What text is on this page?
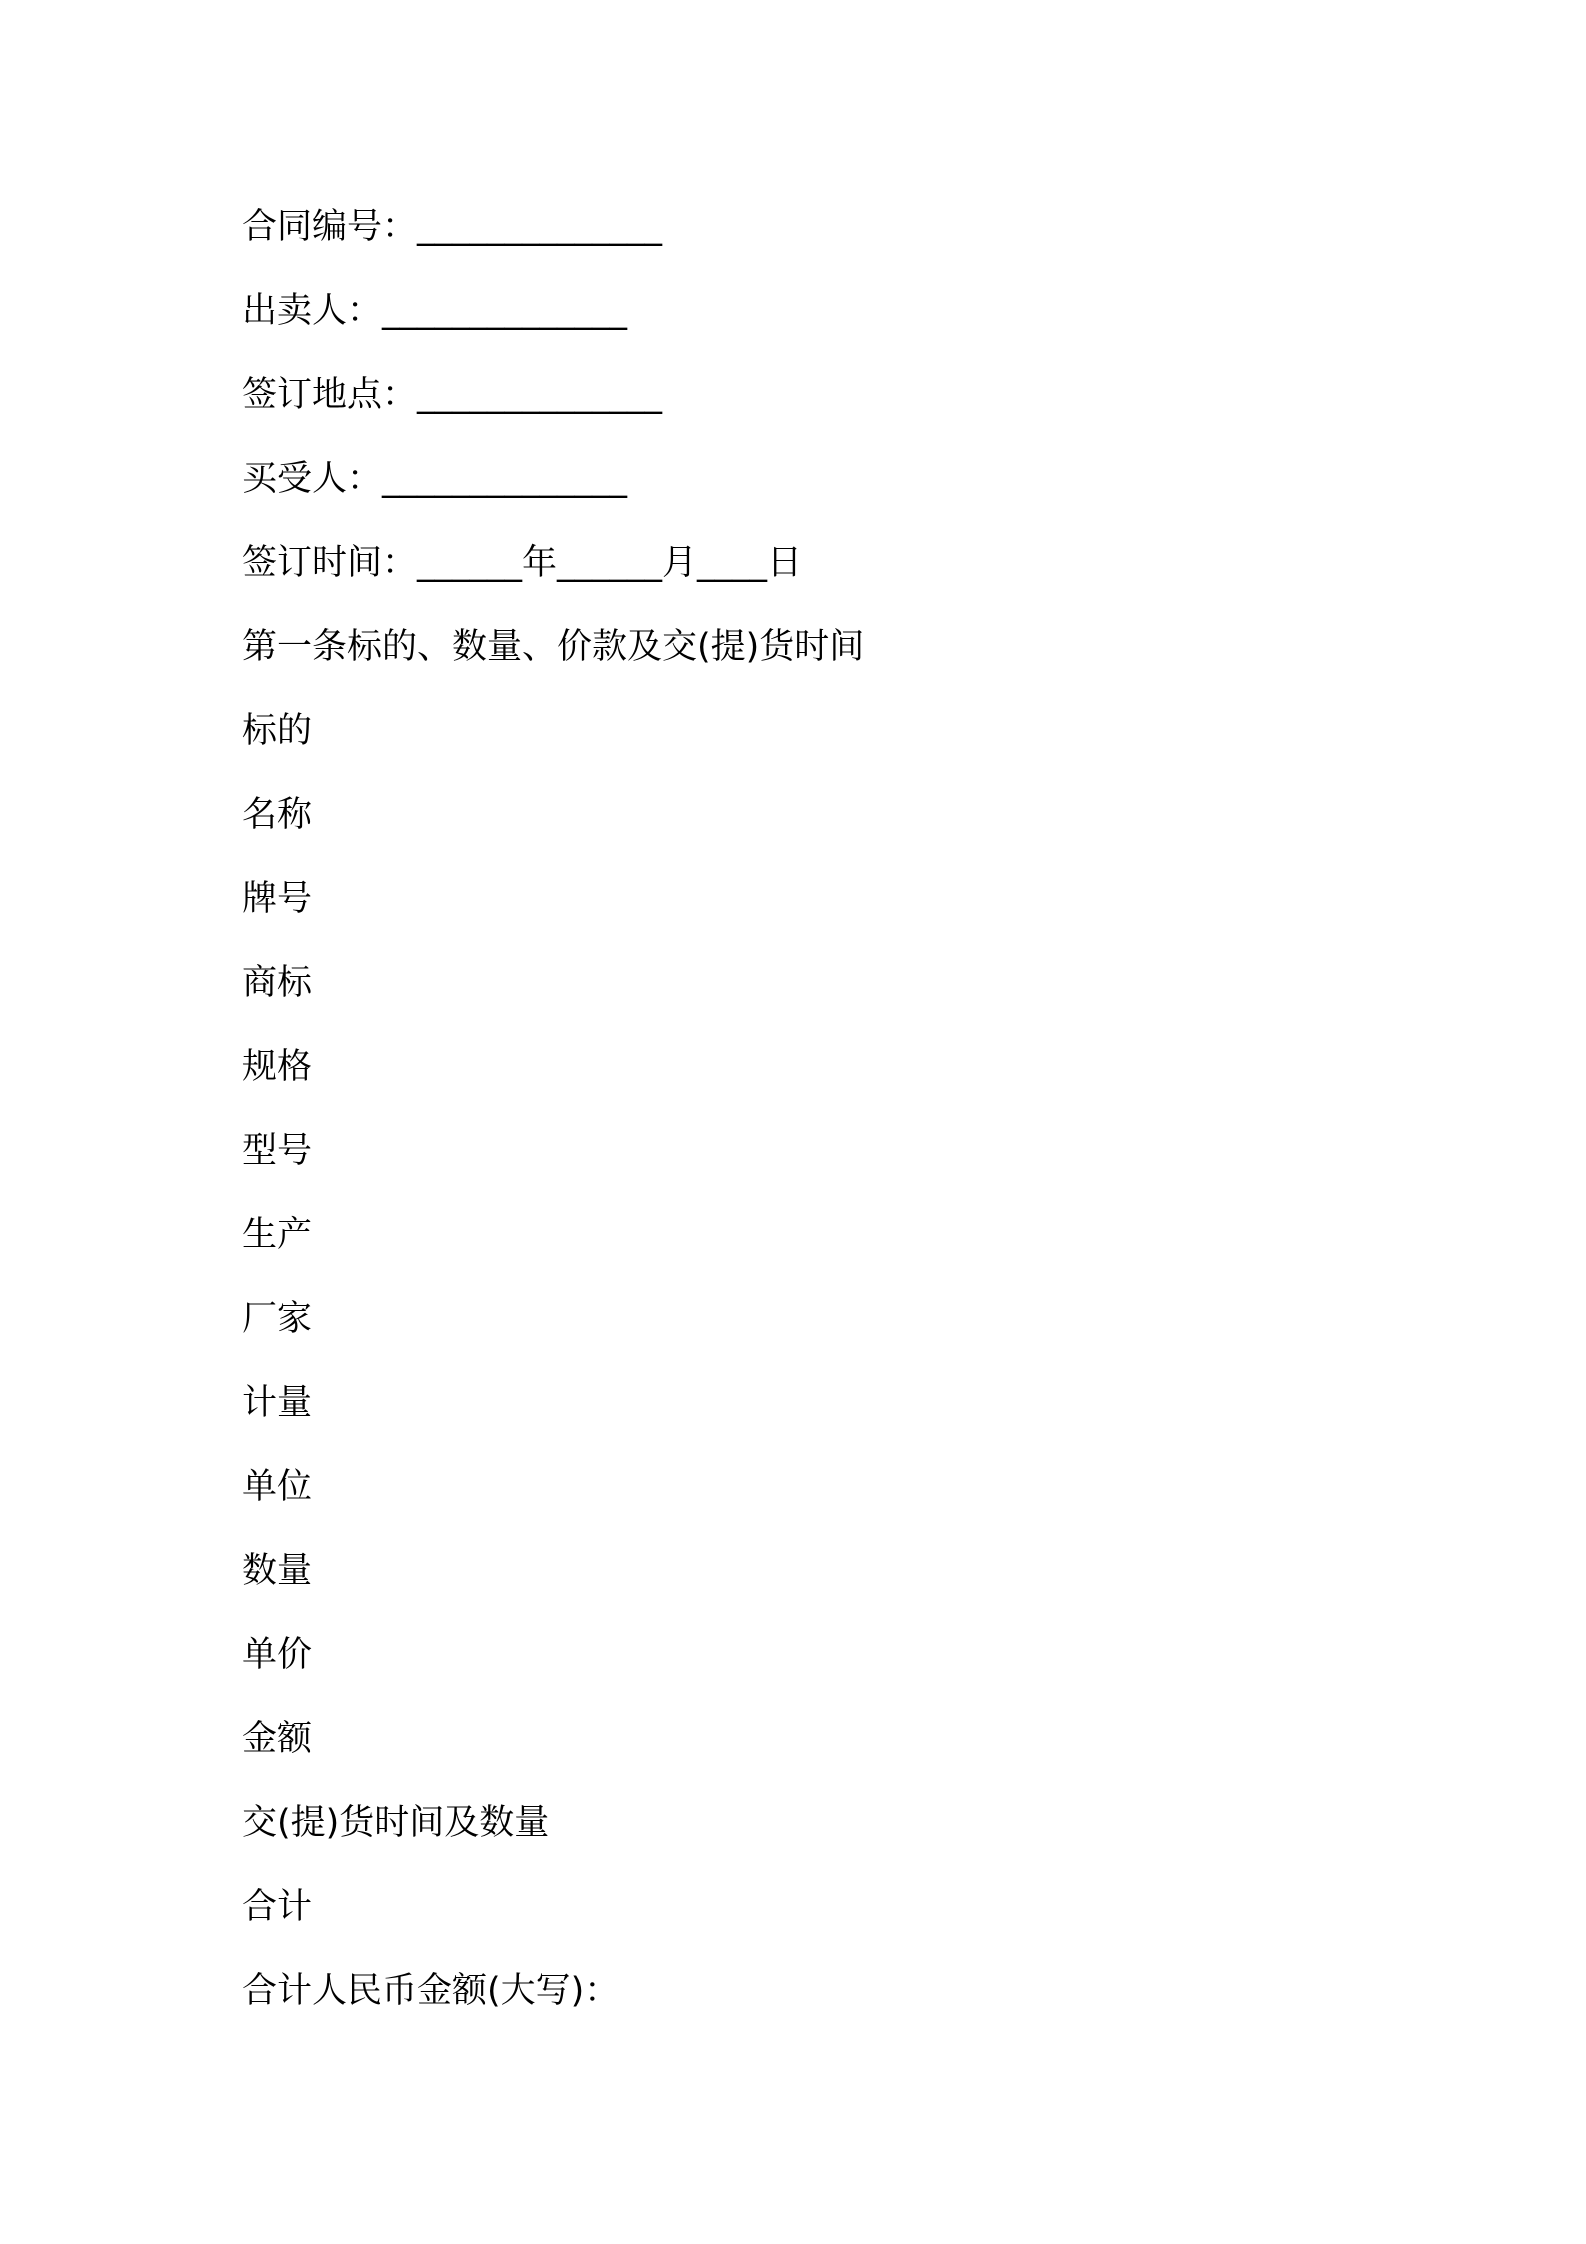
合同编号：______________
出卖人：______________
签订地点：______________
买受人：______________
签订时间：______年______月____日
第一条标的、数量、价款及交(提)货时间
标的
名称
牌号
商标
规格
型号
生产
厂家
计量
单位
数量
单价
金额
交(提)货时间及数量
合计
合计人民币金额(大写)：
